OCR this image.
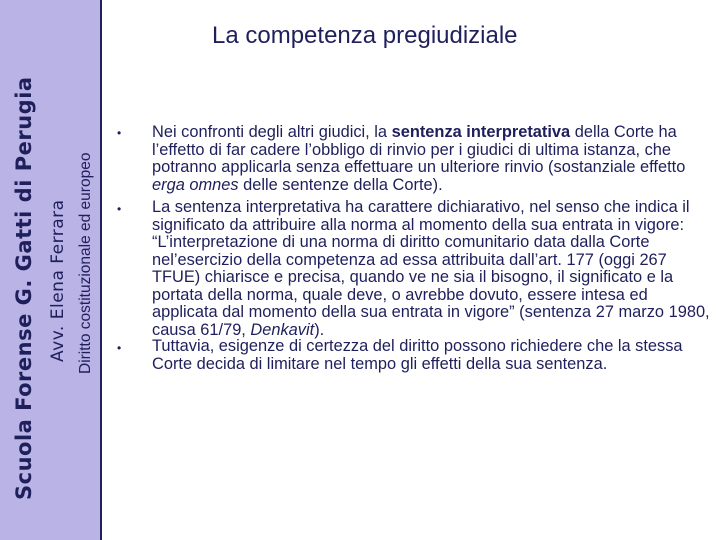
Scuola Forense G. Gatti di Perugia Avv. Elena Ferrara Diritto costituzionale ed europeo
La competenza pregiudiziale
• Nei confronti degli altri giudici, la sentenza interpretativa della Corte ha l’effetto di far cadere l’obbligo di rinvio per i giudici di ultima istanza, che potranno applicarla senza effettuare un ulteriore rinvio (sostanziale effetto erga omnes delle sentenze della Corte).
• La sentenza interpretativa ha carattere dichiarativo, nel senso che indica il significato da attribuire alla norma al momento della sua entrata in vigore:
“L’interpretazione di una norma di diritto comunitario data dalla Corte nel’esercizio della competenza ad essa attribuita dall’art. 177 (oggi 267 TFUE) chiarisce e precisa, quando ve ne sia il bisogno, il significato e la portata della norma, quale deve, o avrebbe dovuto, essere intesa ed applicata dal momento della sua entrata in vigore” (sentenza 27 marzo 1980, causa 61/79, Denkavit).
• Tuttavia, esigenze di certezza del diritto possono richiedere che la stessa Corte decida di limitare nel tempo gli effetti della sua sentenza.
